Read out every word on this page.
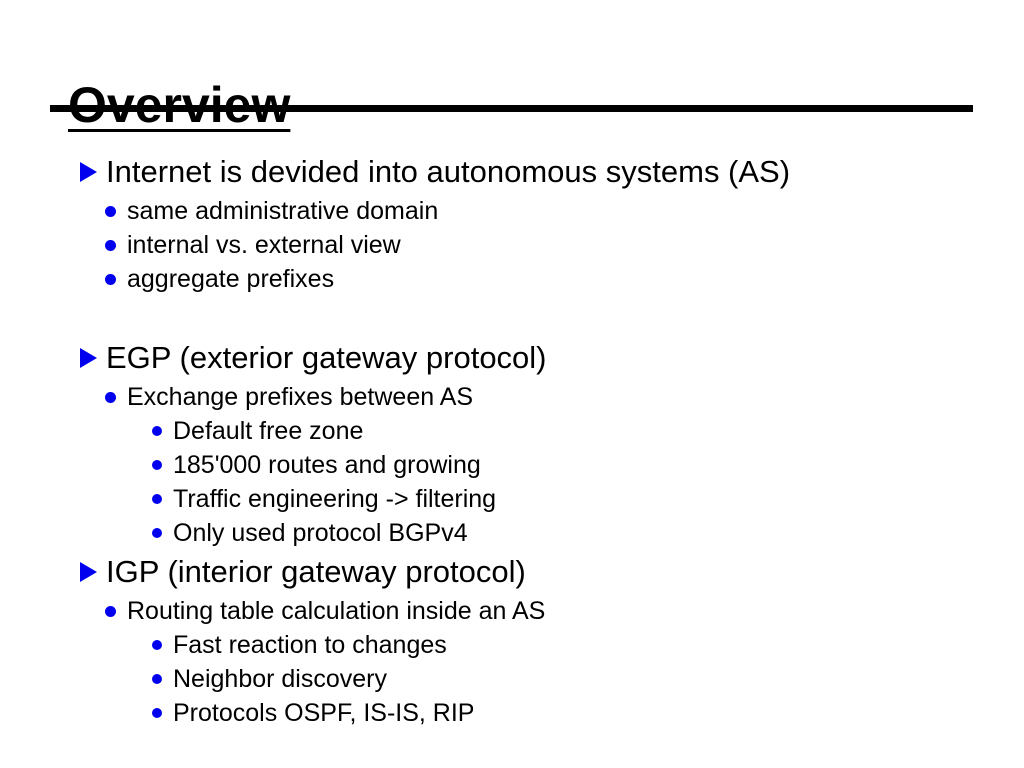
Internet is devided into autonomous systems (AS)
same administrative domain
internal vs. external view
aggregate prefixes
EGP (exterior gateway protocol)
Exchange prefixes between AS
Default free zone
185'000 routes and growing
Traffic engineering -> filtering
Only used protocol BGPv4
IGP (interior gateway protocol)
Routing table calculation inside an AS
Fast reaction to changes
Neighbor discovery
Protocols OSPF, IS-IS, RIP
